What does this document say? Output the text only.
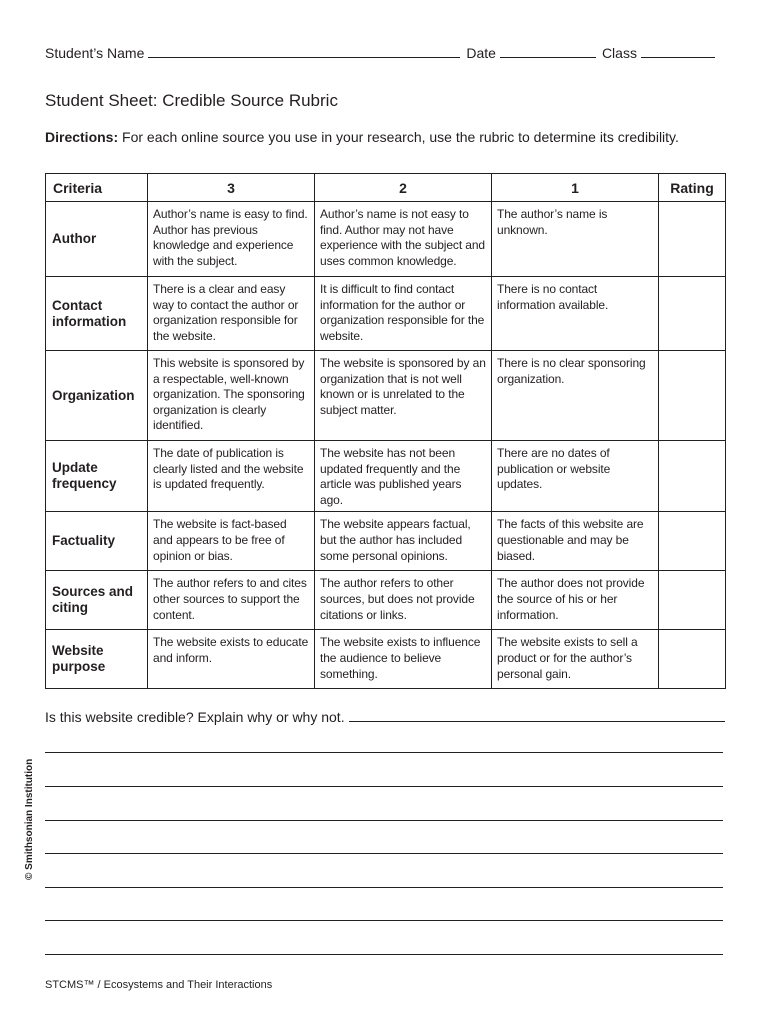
Student’s Name	Date	Class
Student Sheet: Credible Source Rubric
Directions: For each online source you use in your research, use the rubric to determine its credibility.
Criteria	3	2	1	Rating
Author	Author’s name is easy to find. Author has previous knowledge and experience with the subject.	Author’s name is not easy to find. Author may not have experience with the subject and uses common knowledge.	The author’s name is unknown.	
Contact information	There is a clear and easy way to contact the author or organization responsible for the website.	It is difficult to find contact information for the author or organization responsible for the website.	There is no contact information available.	
Organization	This website is sponsored by a respectable, well-known organization. The sponsoring organization is clearly identified.	The website is sponsored by an organization that is not well known or is unrelated to the subject matter.	There is no clear sponsoring organization.	
Update frequency	The date of publication is clearly listed and the website is updated frequently.	The website has not been updated frequently and the article was published years ago.	There are no dates of publication or website updates.	
Factuality	The website is fact-based and appears to be free of opinion or bias.	The website appears factual, but the author has included some personal opinions.	The facts of this website are questionable and may be biased.	
Sources and citing	The author refers to and cites other sources to support the content.	The author refers to other sources, but does not provide citations or links.	The author does not provide the source of his or her information.	
Website purpose	The website exists to educate and inform.	The website exists to influence the audience to believe something.	The website exists to sell a product or for the author’s personal gain.	
Is this website credible? Explain why or why not.
© Smithsonian Institution
STCMS™ / Ecosystems and Their Interactions
